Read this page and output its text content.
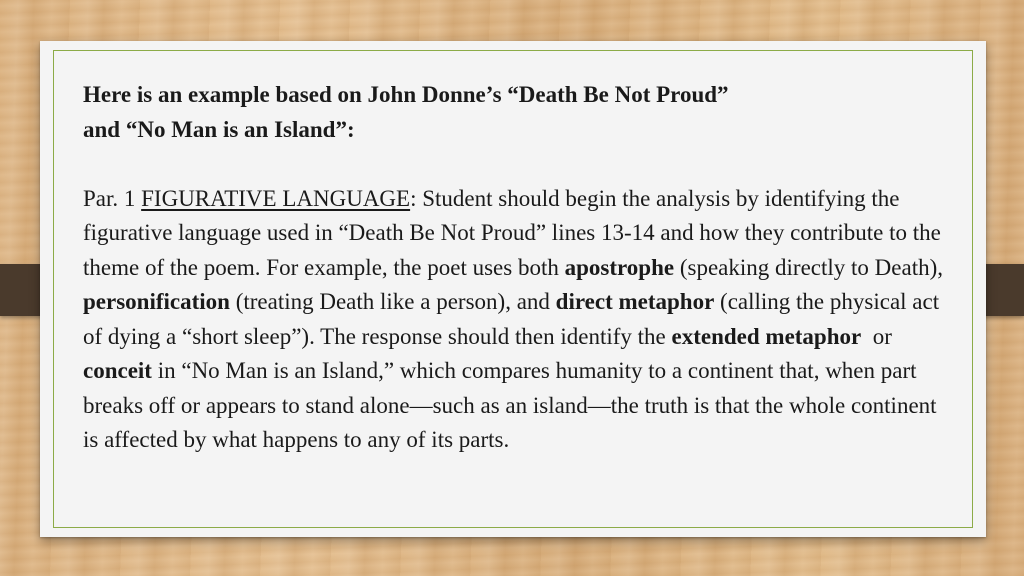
Here is an example based on John Donne’s “Death Be Not Proud”
and “No Man is an Island”:

Par. 1 FIGURATIVE LANGUAGE: Student should begin the analysis by identifying the figurative language used in “Death Be Not Proud” lines 13-14 and how they contribute to the theme of the poem. For example, the poet uses both apostrophe (speaking directly to Death), personification (treating Death like a person), and direct metaphor (calling the physical act of dying a “short sleep”). The response should then identify the extended metaphor  or conceit in “No Man is an Island,” which compares humanity to a continent that, when part breaks off or appears to stand alone—such as an island—the truth is that the whole continent is affected by what happens to any of its parts.
